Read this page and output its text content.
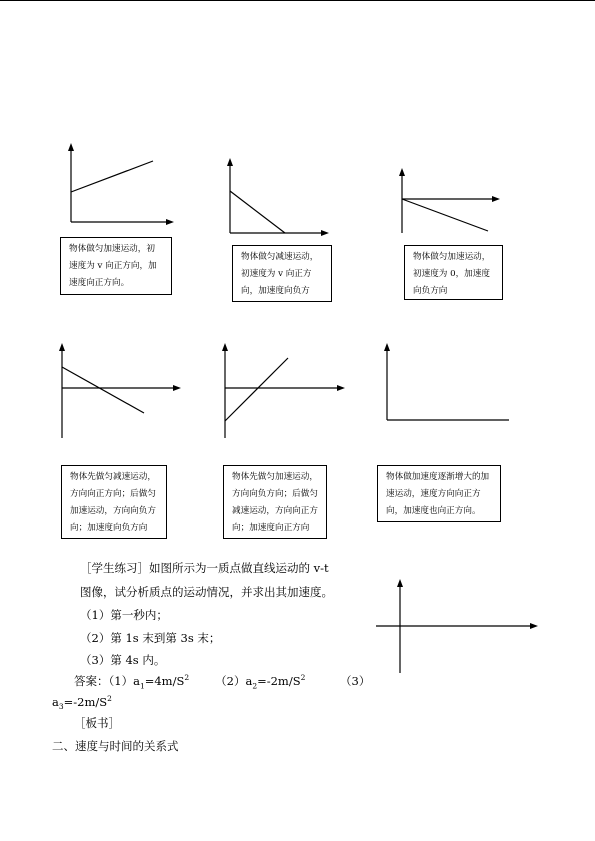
物体做匀加速运动，初
速度为 v 向正方向，加
速度向正方向。
物体做匀减速运动，
初速度为 v 向正方
向，加速度向负方
物体做匀加速运动，
初速度为 0，加速度
向负方向
物体先做匀减速运动，
方向向正方向；后做匀
加速运动，方向向负方
向；加速度向负方向
物体先做匀加速运动，
方向向负方向；后做匀
减速运动，方向向正方
向；加速度向正方向
物体做加速度逐渐增大的加
速运动，速度方向向正方
向，加速度也向正方向。
［学生练习］如图所示为一质点做直线运动的 v-t
图像，试分析质点的运动情况，并求出其加速度。
（1）第一秒内；
（2）第 1s 末到第 3s 末；
（3）第 4s 内。
答案：$(1)a_1=4m/S^2$ $(2)a_2=-2m/S^2$	（3）
$a_3=-2m/S^2$
［板书］
二、速度与时间的关系式
